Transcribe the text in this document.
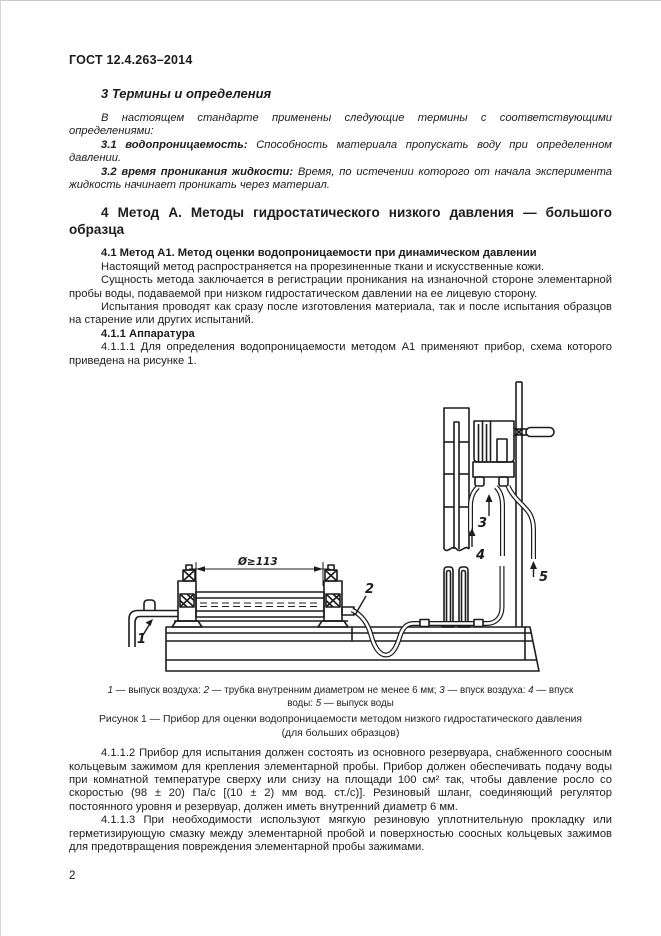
ГОСТ 12.4.263–2014
3 Термины и определения

В настоящем стандарте применены следующие термины с соответствующими определениями:

3.1 водопроницаемость: Способность материала пропускать воду при определенном давлении.

3.2 время проникания жидкости: Время, по истечении которого от начала эксперимента жидкость начинает проникать через материал.

4 Метод А. Методы гидростатического низкого давления — большого
образца

4.1 Метод А1. Метод оценки водопроницаемости при динамическом давлении

Настоящий метод распространяется на прорезиненные ткани и искусственные кожи.

Сущность метода заключается в регистрации проникания на изнаночной стороне элементарной пробы воды, подаваемой при низком гидростатическом давлении на ее лицевую сторону.

Испытания проводят как сразу после изготовления материала, так и после испытания образцов на старение или других испытаний.

4.1.1 Аппаратура

4.1.1.1 Для определения водопроницаемости методом А1 применяют прибор, схема которого приведена на рисунке 1.

Ø≥113
1
2
3
4
5
1 — выпуск воздуха: 2 — трубка внутренним диаметром не менее 6 мм; 3 — впуск воздуха: 4 — впуск воды: 5 — выпуск воды
Рисунок 1 — Прибор для оценки водопроницаемости методом низкого гидростатического давления
(для больших образцов)

4.1.1.2 Прибор для испытания должен состоять из основного резервуара, снабженного соосным кольцевым зажимом для крепления элементарной пробы. Прибор должен обеспечивать подачу воды при комнатной температуре сверху или снизу на площади 100 см² так, чтобы давление росло со скоростью (98 ± 20) Па/с [(10 ± 2) мм вод. ст./с)]. Резиновый шланг, соединяющий регулятор постоянного уровня и резервуар, должен иметь внутренний диаметр 6 мм.

4.1.1.3 При необходимости используют мягкую резиновую уплотнительную прокладку или герметизирующую смазку между элементарной пробой и поверхностью соосных кольцевых зажимов для предотвращения повреждения элементарной пробы зажимами.

2
